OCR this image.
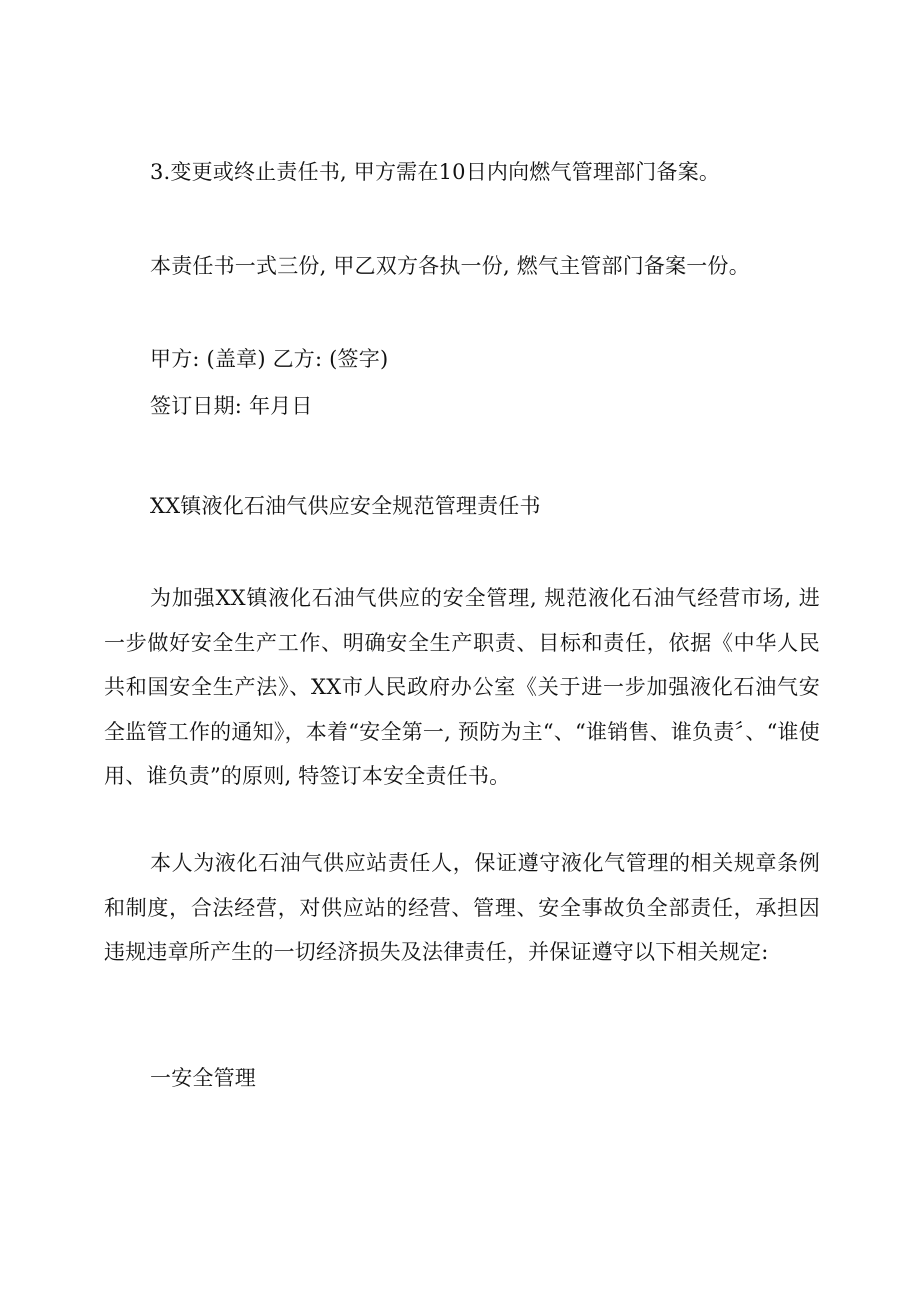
3.变更或终止责任书, 甲方需在10日内向燃气管理部门备案。
本责任书一式三份, 甲乙双方各执一份, 燃气主管部门备案一份。
甲方: (盖章) 乙方: (签字)
签订日期: 年月日
XX镇液化石油气供应安全规范管理责任书
为加强XX镇液化石油气供应的安全管理, 规范液化石油气经营市场, 进一步做好安全生产工作、明确安全生产职责、目标和责任，依据《中华人民共和国安全生产法》、XX市人民政府办公室《关于进一步加强液化石油气安全监管工作的通知》，本着“安全第一, 预防为主“、“谁销售、谁负责〞、“谁使用、谁负责”的原则, 特签订本安全责任书。
本人为液化石油气供应站责任人，保证遵守液化气管理的相关规章条例和制度，合法经营，对供应站的经营、管理、安全事故负全部责任，承担因违规违章所产生的一切经济损失及法律责任，并保证遵守以下相关规定:
一安全管理
